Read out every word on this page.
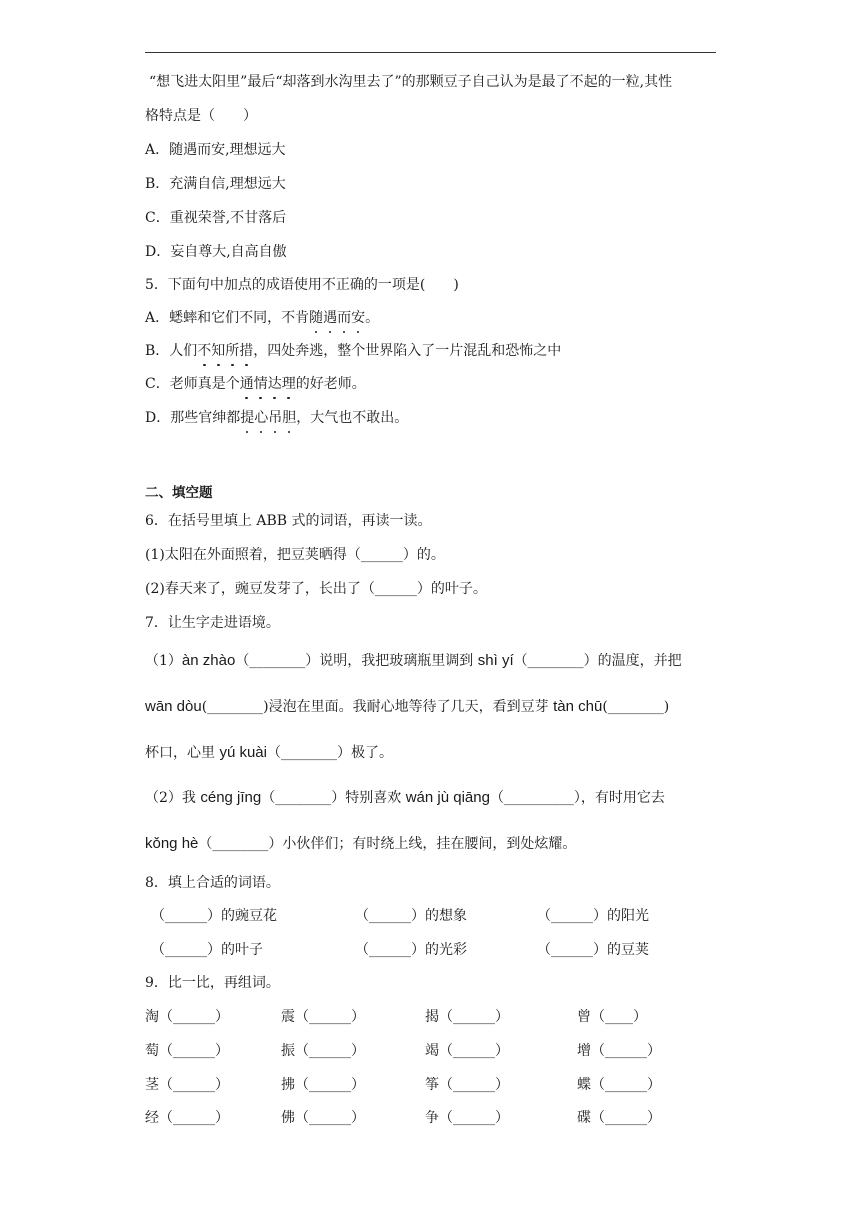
“想飞进太阳里”最后“却落到水沟里去了”的那颗豆子自己认为是最了不起的一粒,其性
格特点是（　　）
A．随遇而安,理想远大
B．充满自信,理想远大
C．重视荣誉,不甘落后
D．妄自尊大,自高自傲
5．下面句中加点的成语使用不正确的一项是(　　)
A．蟋蟀和它们不同，不肯随遇而安。
B．人们不知所措，四处奔逃，整个世界陷入了一片混乱和恐怖之中
C．老师真是个通情达理的好老师。
D．那些官绅都提心吊胆，大气也不敢出。
二、填空题
6．在括号里填上 ABB 式的词语，再读一读。
(1)太阳在外面照着，把豆荚晒得（______）的。
(2)春天来了，豌豆发芽了，长出了（______）的叶子。
7．让生字走进语境。
（1）àn zhào（________）说明，我把玻璃瓶里调到 shì yí（________）的温度，并把
wān dòu(________)浸泡在里面。我耐心地等待了几天，看到豆芽 tàn chū(________)
杯口，心里 yú kuài（________）极了。
（2）我 céng jīng（________）特别喜欢 wán jù qiāng（__________），有时用它去
kǒng hè（________）小伙伴们；有时绕上线，挂在腰间，到处炫耀。
8．填上合适的词语。
（______）的豌豆花	（______）的想象	（______）的阳光
（______）的叶子	（______）的光彩	（______）的豆荚
9．比一比，再组词。
淘（______）	震（______）	揭（______）	曾（____）
萄（______）	振（______）	竭（______）	增（______）
茎（______）	拂（______）	筝（______）	蝶（______）
经（______）	佛（______）	争（______）	碟（______）
